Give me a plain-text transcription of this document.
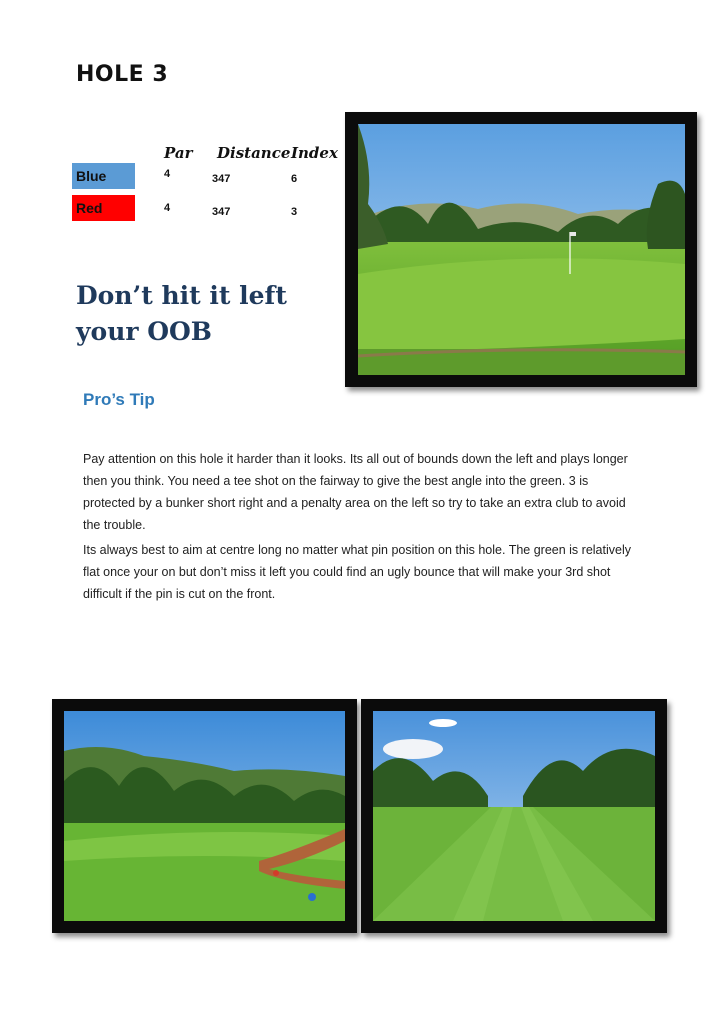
HOLE 3
Par Distance Index
Blue	4	347	6
Red	4	347	3
Don’t hit it left your OOB
Pro’s Tip
Pay attention on this hole it harder than it looks. Its all out of bounds down the left and plays longer then you think. You need a tee shot on the fairway to give the best angle into the green. 3 is protected by a bunker short right and a penalty area on the left so try to take an extra club to avoid the trouble.
Its always best to aim at centre long no matter what pin position on this hole. The green is relatively flat once your on but don’t miss it left you could find an ugly bounce that will make your 3rd shot difficult if the pin is cut on the front.
